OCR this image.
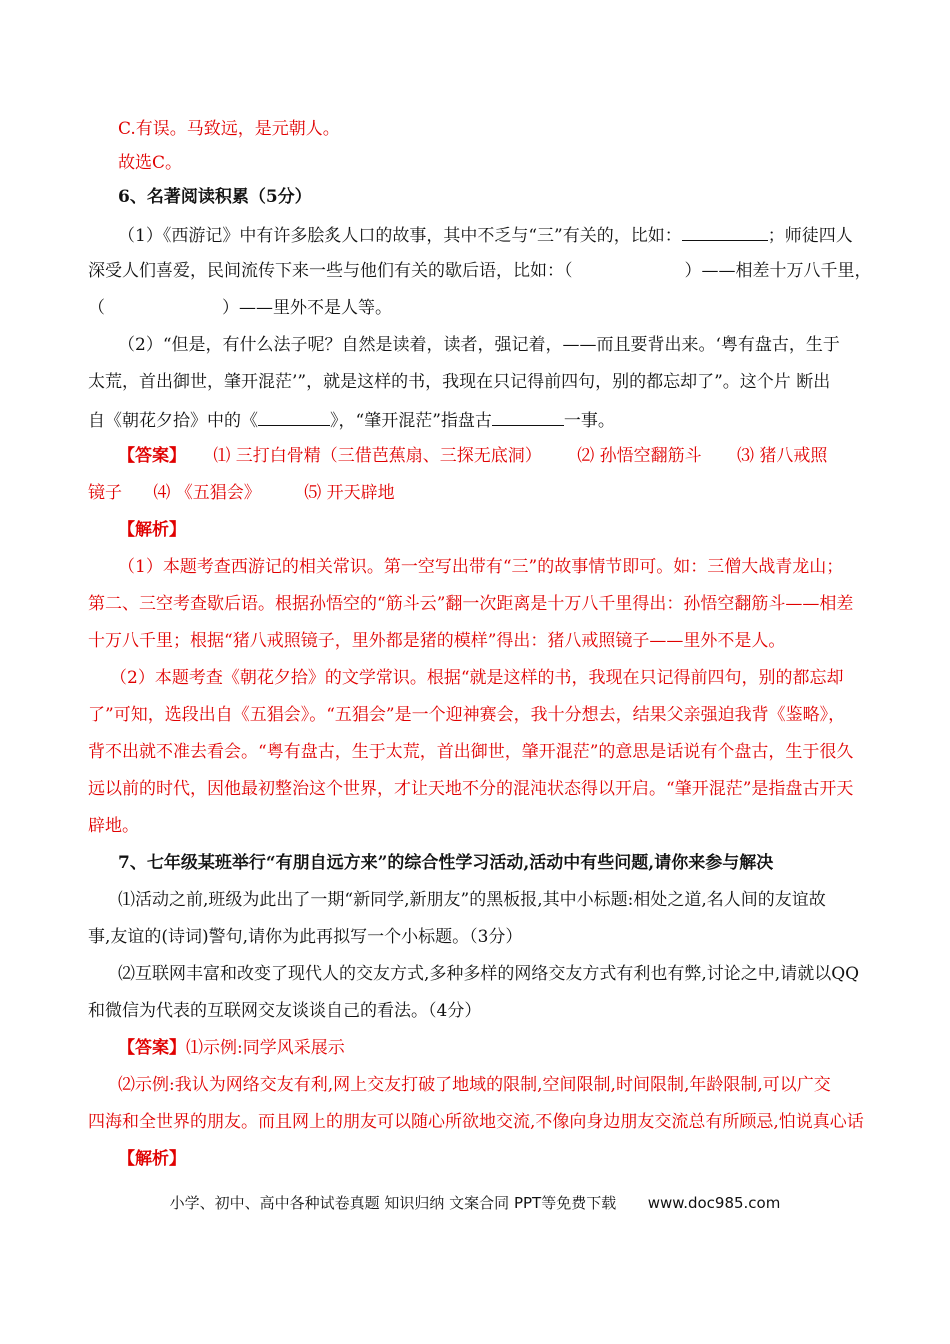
C.有误。马致远，是元朝人。
故选C。
6、名著阅读积累（5分）
（1）《西游记》中有许多脍炙人口的故事，其中不乏与“三”有关的，比如：	；师徒四人
深受人们喜爱，民间流传下来一些与他们有关的歇后语，比如：（	）——相差十万八千里，
（	）——里外不是人等。
（2）“但是，有什么法子呢？自然是读着，读者，强记着，——而且要背出来。‘粤有盘古，生于
太荒，首出御世，肇开混茫’”，就是这样的书，我现在只记得前四句，别的都忘却了”。这个片 断出
自《朝花夕拾》中的《	》，“肇开混茫”指盘古	一事。
【答案】 ⑴ 三打白骨精（三借芭蕉扇、三探无底洞） ⑵ 孙悟空翻筋斗 ⑶ 猪八戒照
镜子 ⑷ 《五猖会》	⑸ 开天辟地
【解析】
（1）本题考查西游记的相关常识。第一空写出带有“三”的故事情节即可。如：三僧大战青龙山；
第二、三空考查歇后语。根据孙悟空的“筋斗云”翻一次距离是十万八千里得出：孙悟空翻筋斗——相差
十万八千里；根据“猪八戒照镜子，里外都是猪的模样”得出：猪八戒照镜子——里外不是人。
（2）本题考查《朝花夕拾》的文学常识。根据“就是这样的书，我现在只记得前四句，别的都忘却
了”可知，选段出自《五猖会》。“五猖会”是一个迎神赛会，我十分想去，结果父亲强迫我背《鉴略》，
背不出就不准去看会。“粤有盘古，生于太荒，首出御世，肇开混茫”的意思是话说有个盘古，生于很久
远以前的时代，因他最初整治这个世界，才让天地不分的混沌状态得以开启。“肇开混茫”是指盘古开天
辟地。
7、七年级某班举行“有朋自远方来”的综合性学习活动,活动中有些问题,请你来参与解决
⑴活动之前,班级为此出了一期“新同学,新朋友”的黑板报,其中小标题:相处之道,名人间的友谊故
事,友谊的(诗词)警句,请你为此再拟写一个小标题。（3分）
⑵互联网丰富和改变了现代人的交友方式,多种多样的网络交友方式有利也有弊,讨论之中,请就以QQ
和微信为代表的互联网交友谈谈自己的看法。（4分）
【答案】⑴示例:同学风采展示
⑵示例:我认为网络交友有利,网上交友打破了地域的限制,空间限制,时间限制,年龄限制,可以广交
四海和全世界的朋友。而且网上的朋友可以随心所欲地交流,不像向身边朋友交流总有所顾忌,怕说真心话
【解析】
小学、初中、高中各种试卷真题 知识归纳 文案合同 PPT等免费下载 www.doc985.com
